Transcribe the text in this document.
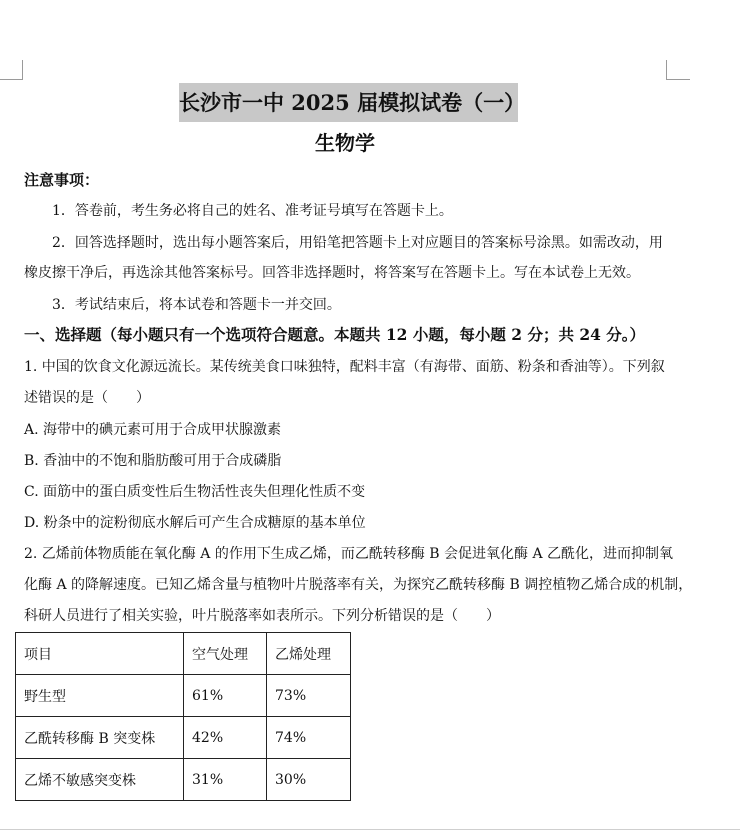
长沙市一中 2025 届模拟试卷（一）
生物学
注意事项：
1．答卷前，考生务必将自己的姓名、准考证号填写在答题卡上。
2．回答选择题时，选出每小题答案后，用铅笔把答题卡上对应题目的答案标号涂黑。如需改动，用
橡皮擦干净后，再选涂其他答案标号。回答非选择题时，将答案写在答题卡上。写在本试卷上无效。
3．考试结束后，将本试卷和答题卡一并交回。
一、选择题（每小题只有一个选项符合题意。本题共 12 小题，每小题 2 分；共 24 分。）
1. 中国的饮食文化源远流长。某传统美食口味独特，配料丰富（有海带、面筋、粉条和香油等）。下列叙
述错误的是（　　）
A. 海带中的碘元素可用于合成甲状腺激素
B. 香油中的不饱和脂肪酸可用于合成磷脂
C. 面筋中的蛋白质变性后生物活性丧失但理化性质不变
D. 粉条中的淀粉彻底水解后可产生合成糖原的基本单位
2. 乙烯前体物质能在氧化酶 A 的作用下生成乙烯，而乙酰转移酶 B 会促进氧化酶 A 乙酰化，进而抑制氧
化酶 A 的降解速度。已知乙烯含量与植物叶片脱落率有关，为探究乙酰转移酶 B 调控植物乙烯合成的机制，
科研人员进行了相关实验，叶片脱落率如表所示。下列分析错误的是（　　）
项目	空气处理	乙烯处理
野生型	61%	73%
乙酰转移酶 B 突变株	42%	74%
乙烯不敏感突变株	31%	30%
